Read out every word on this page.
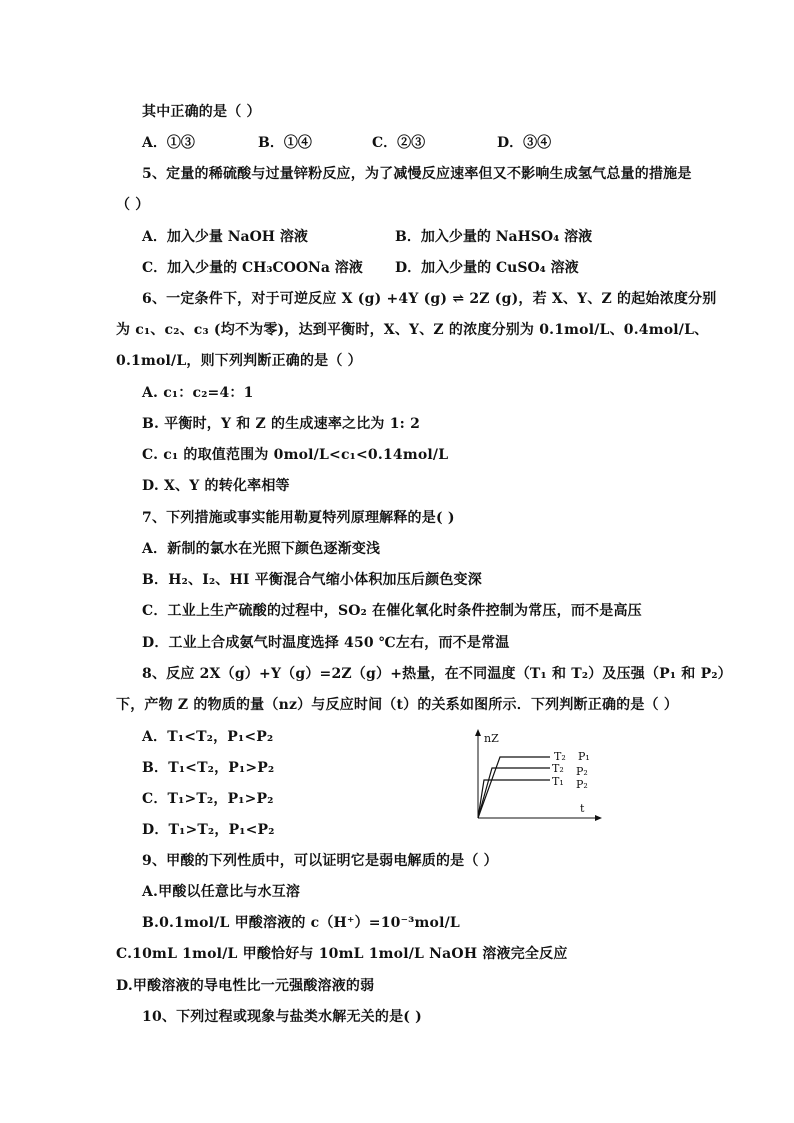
其中正确的是（ ）
A．①③	B．①④	C．②③	D．③④
5、定量的稀硫酸与过量锌粉反应，为了减慢反应速率但又不影响生成氢气总量的措施是
（ ）
A．加入少量 NaOH 溶液	B．加入少量的 NaHSO₄ 溶液
C．加入少量的 CH₃COONa 溶液 D．加入少量的 CuSO₄ 溶液
6、一定条件下，对于可逆反应 X (g) +4Y (g) ⇌ 2Z (g)，若 X、Y、Z 的起始浓度分别
为 c₁、c₂、c₃ (均不为零)，达到平衡时，X、Y、Z 的浓度分别为 0.1mol/L、0.4mol/L、
0.1mol/L，则下列判断正确的是（ ）
A. c₁：c₂=4：1
B. 平衡时，Y 和 Z 的生成速率之比为 1: 2
C. c₁ 的取值范围为 0mol/L<c₁<0.14mol/L
D. X、Y 的转化率相等
7、下列措施或事实能用勒夏特列原理解释的是( )
A．新制的氯水在光照下颜色逐渐变浅
B．H₂、I₂、HI 平衡混合气缩小体积加压后颜色变深
C．工业上生产硫酸的过程中，SO₂ 在催化氧化时条件控制为常压，而不是高压
D．工业上合成氨气时温度选择 450 ℃左右，而不是常温
8、反应 2X（g）+Y（g）=2Z（g）+热量，在不同温度（T₁ 和 T₂）及压强（P₁ 和 P₂）
下，产物 Z 的物质的量（nz）与反应时间（t）的关系如图所示．下列判断正确的是（ ）
A．T₁<T₂，P₁<P₂
B．T₁<T₂，P₁>P₂
C．T₁>T₂，P₁>P₂
D．T₁>T₂，P₁<P₂
nZ
t
T₂ P₁
T₂ P₂
T₁ P₂
9、甲酸的下列性质中，可以证明它是弱电解质的是（ ）
A.甲酸以任意比与水互溶
B.0.1mol/L 甲酸溶液的 c（H⁺）=10⁻³mol/L
C.10mL 1mol/L 甲酸恰好与 10mL 1mol/L NaOH 溶液完全反应
D.甲酸溶液的导电性比一元强酸溶液的弱
10、下列过程或现象与盐类水解无关的是( )
